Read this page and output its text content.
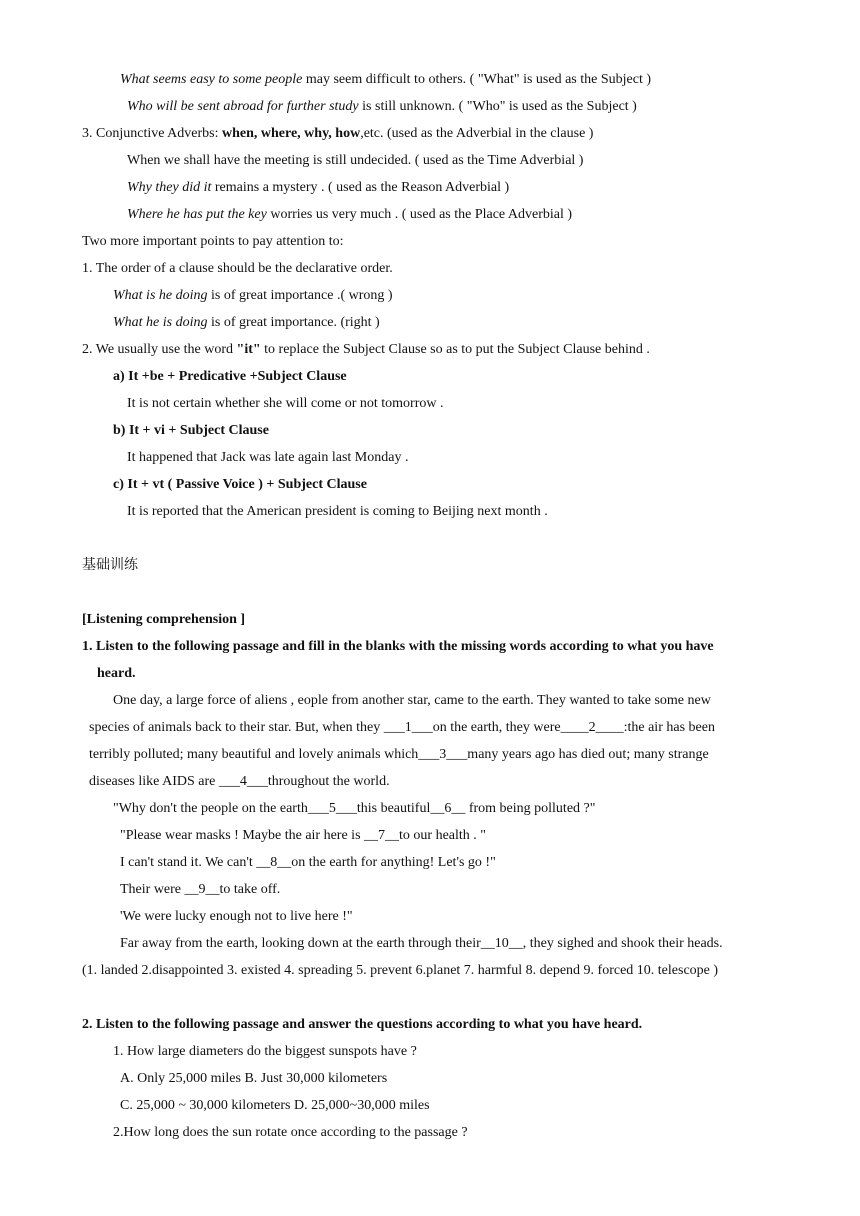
What seems easy to some people may seem difficult to others. ( "What" is used as the Subject )
Who will be sent abroad for further study is still unknown. ( "Who" is used as the Subject )
3. Conjunctive Adverbs: when, where, why, how,etc. (used as the Adverbial in the clause )
When we shall have the meeting is still undecided. ( used as the Time Adverbial )
Why they did it remains a mystery . ( used as the Reason Adverbial )
Where he has put the key worries us very much . ( used as the Place Adverbial )
Two more important points to pay attention to:
1. The order of a clause should be the declarative order.
What is he doing is of great importance .( wrong )
What he is doing is of great importance. (right )
2. We usually use the word "it" to replace the Subject Clause so as to put the Subject Clause behind .
a) It +be + Predicative +Subject Clause
It is not certain whether she will come or not tomorrow .
b) It + vi + Subject Clause
It happened that Jack was late again last Monday .
c) It + vt ( Passive Voice ) + Subject Clause
It is reported that the American president is coming to Beijing next month .
基础训练
[Listening comprehension ]
1. Listen to the following passage and fill in the blanks with the missing words according to what you have
heard.
One day, a large force of aliens , eople from another star, came to the earth. They wanted to take some new
species of animals back to their star. But, when they ___1___on the earth, they were____2____:the air has been
terribly polluted; many beautiful and lovely animals which___3___many years ago has died out; many strange
diseases like AIDS are ___4___throughout the world.
"Why don't the people on the earth___5___this beautiful__6__ from being polluted ?"
"Please wear masks ! Maybe the air here is __7__to our health . "
I can't stand it. We can't __8__on the earth for anything! Let's go !"
Their were __9__to take off.
'We were lucky enough not to live here !"
Far away from the earth, looking down at the earth through their__10__, they sighed and shook their heads.
(1. landed 2.disappointed 3. existed 4. spreading 5. prevent 6.planet 7. harmful 8. depend 9. forced 10. telescope )
2. Listen to the following passage and answer the questions according to what you have heard.
1. How large diameters do the biggest sunspots have ?
A. Only 25,000 miles B. Just 30,000 kilometers
C. 25,000 ~ 30,000 kilometers D. 25,000~30,000 miles
2.How long does the sun rotate once according to the passage ?
